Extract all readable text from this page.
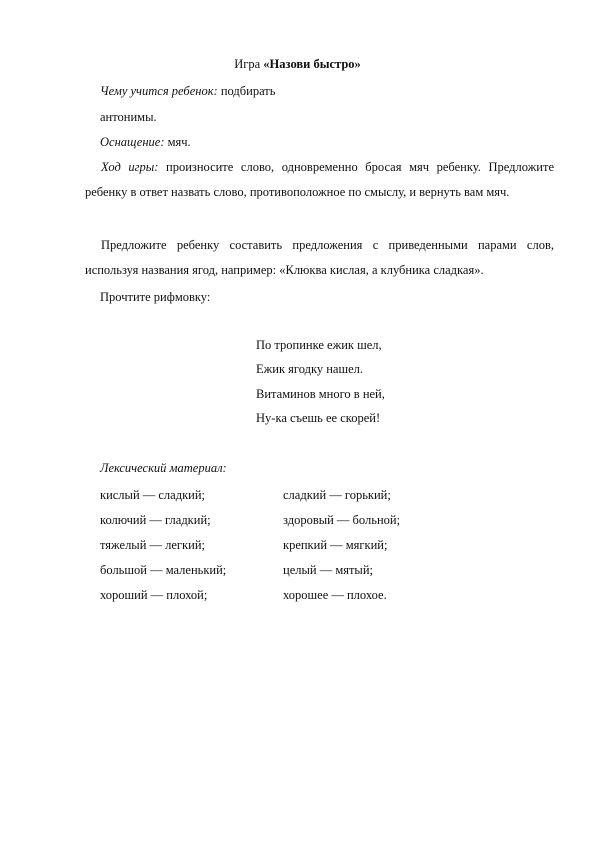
Игра «Назови быстро»
Чему учится ребенок: подбирать
антонимы.
Оснащение: мяч.
Ход игры: произносите слово, одновременно бросая мяч ребенку. Предложите ребенку в ответ назвать слово, противоположное по смыслу, и вернуть вам мяч.
Предложите ребенку составить предложения с приведенными парами слов, используя названия ягод, например: «Клюква кислая, а клубника сладкая».
Прочтите рифмовку:
По тропинке ежик шел,
Ежик ягодку нашел.
Витаминов много в ней,
Ну-ка съешь ее скорей!
Лексический материал:
кислый — сладкий;	сладкий — горький;
колючий — гладкий;	здоровый — больной;
тяжелый — легкий;	крепкий — мягкий;
большой — маленький;	целый — мятый;
хороший — плохой;	хорошее — плохое.
